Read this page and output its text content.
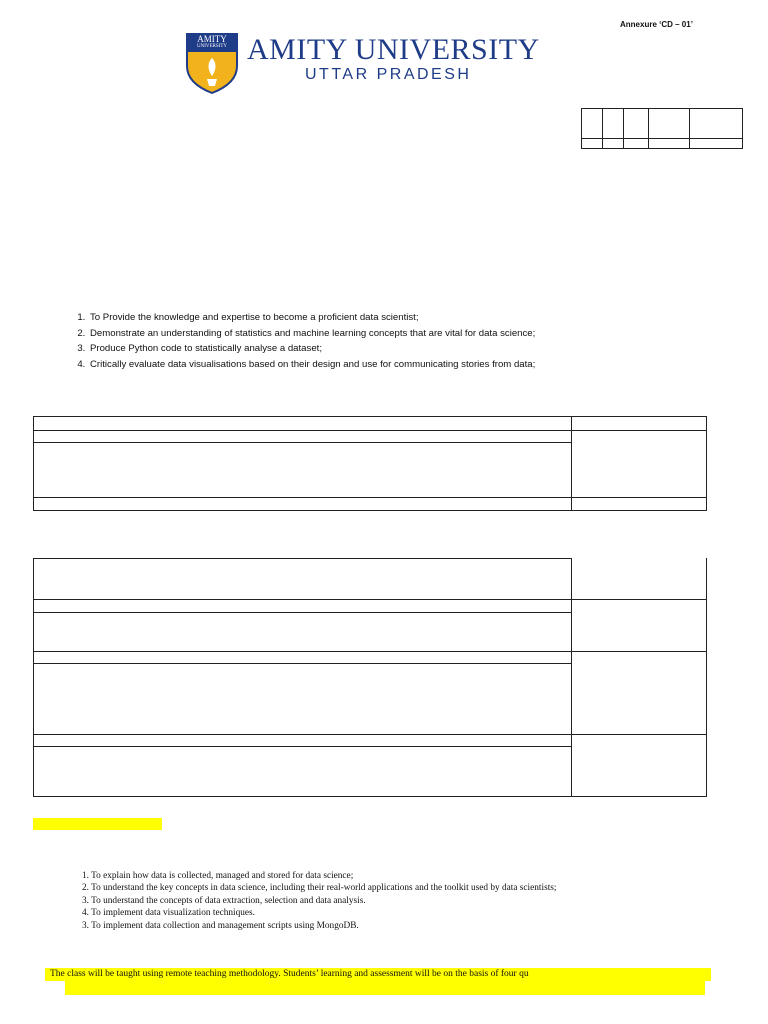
Annexure ‘CD – 01’
AMITY
UNIVERSITY AMITY UNIVERSITY
UTTAR PRADESH

1. To Provide the knowledge and expertise to become a proficient data scientist;
2. Demonstrate an understanding of statistics and machine learning concepts that are vital for data science;
3. Produce Python code to statistically analyse a dataset;
4. Critically evaluate data visualisations based on their design and use for communicating stories from data;
1. To explain how data is collected, managed and stored for data science;
2. To understand the key concepts in data science, including their real-world applications and the toolkit used by data scientists;
3. To understand the concepts of data extraction, selection and data analysis.
4. To implement data visualization techniques.
3. To implement data collection and management scripts using MongoDB.
The class will be taught using remote teaching methodology. Students’ learning and assessment will be on the basis of four qu
